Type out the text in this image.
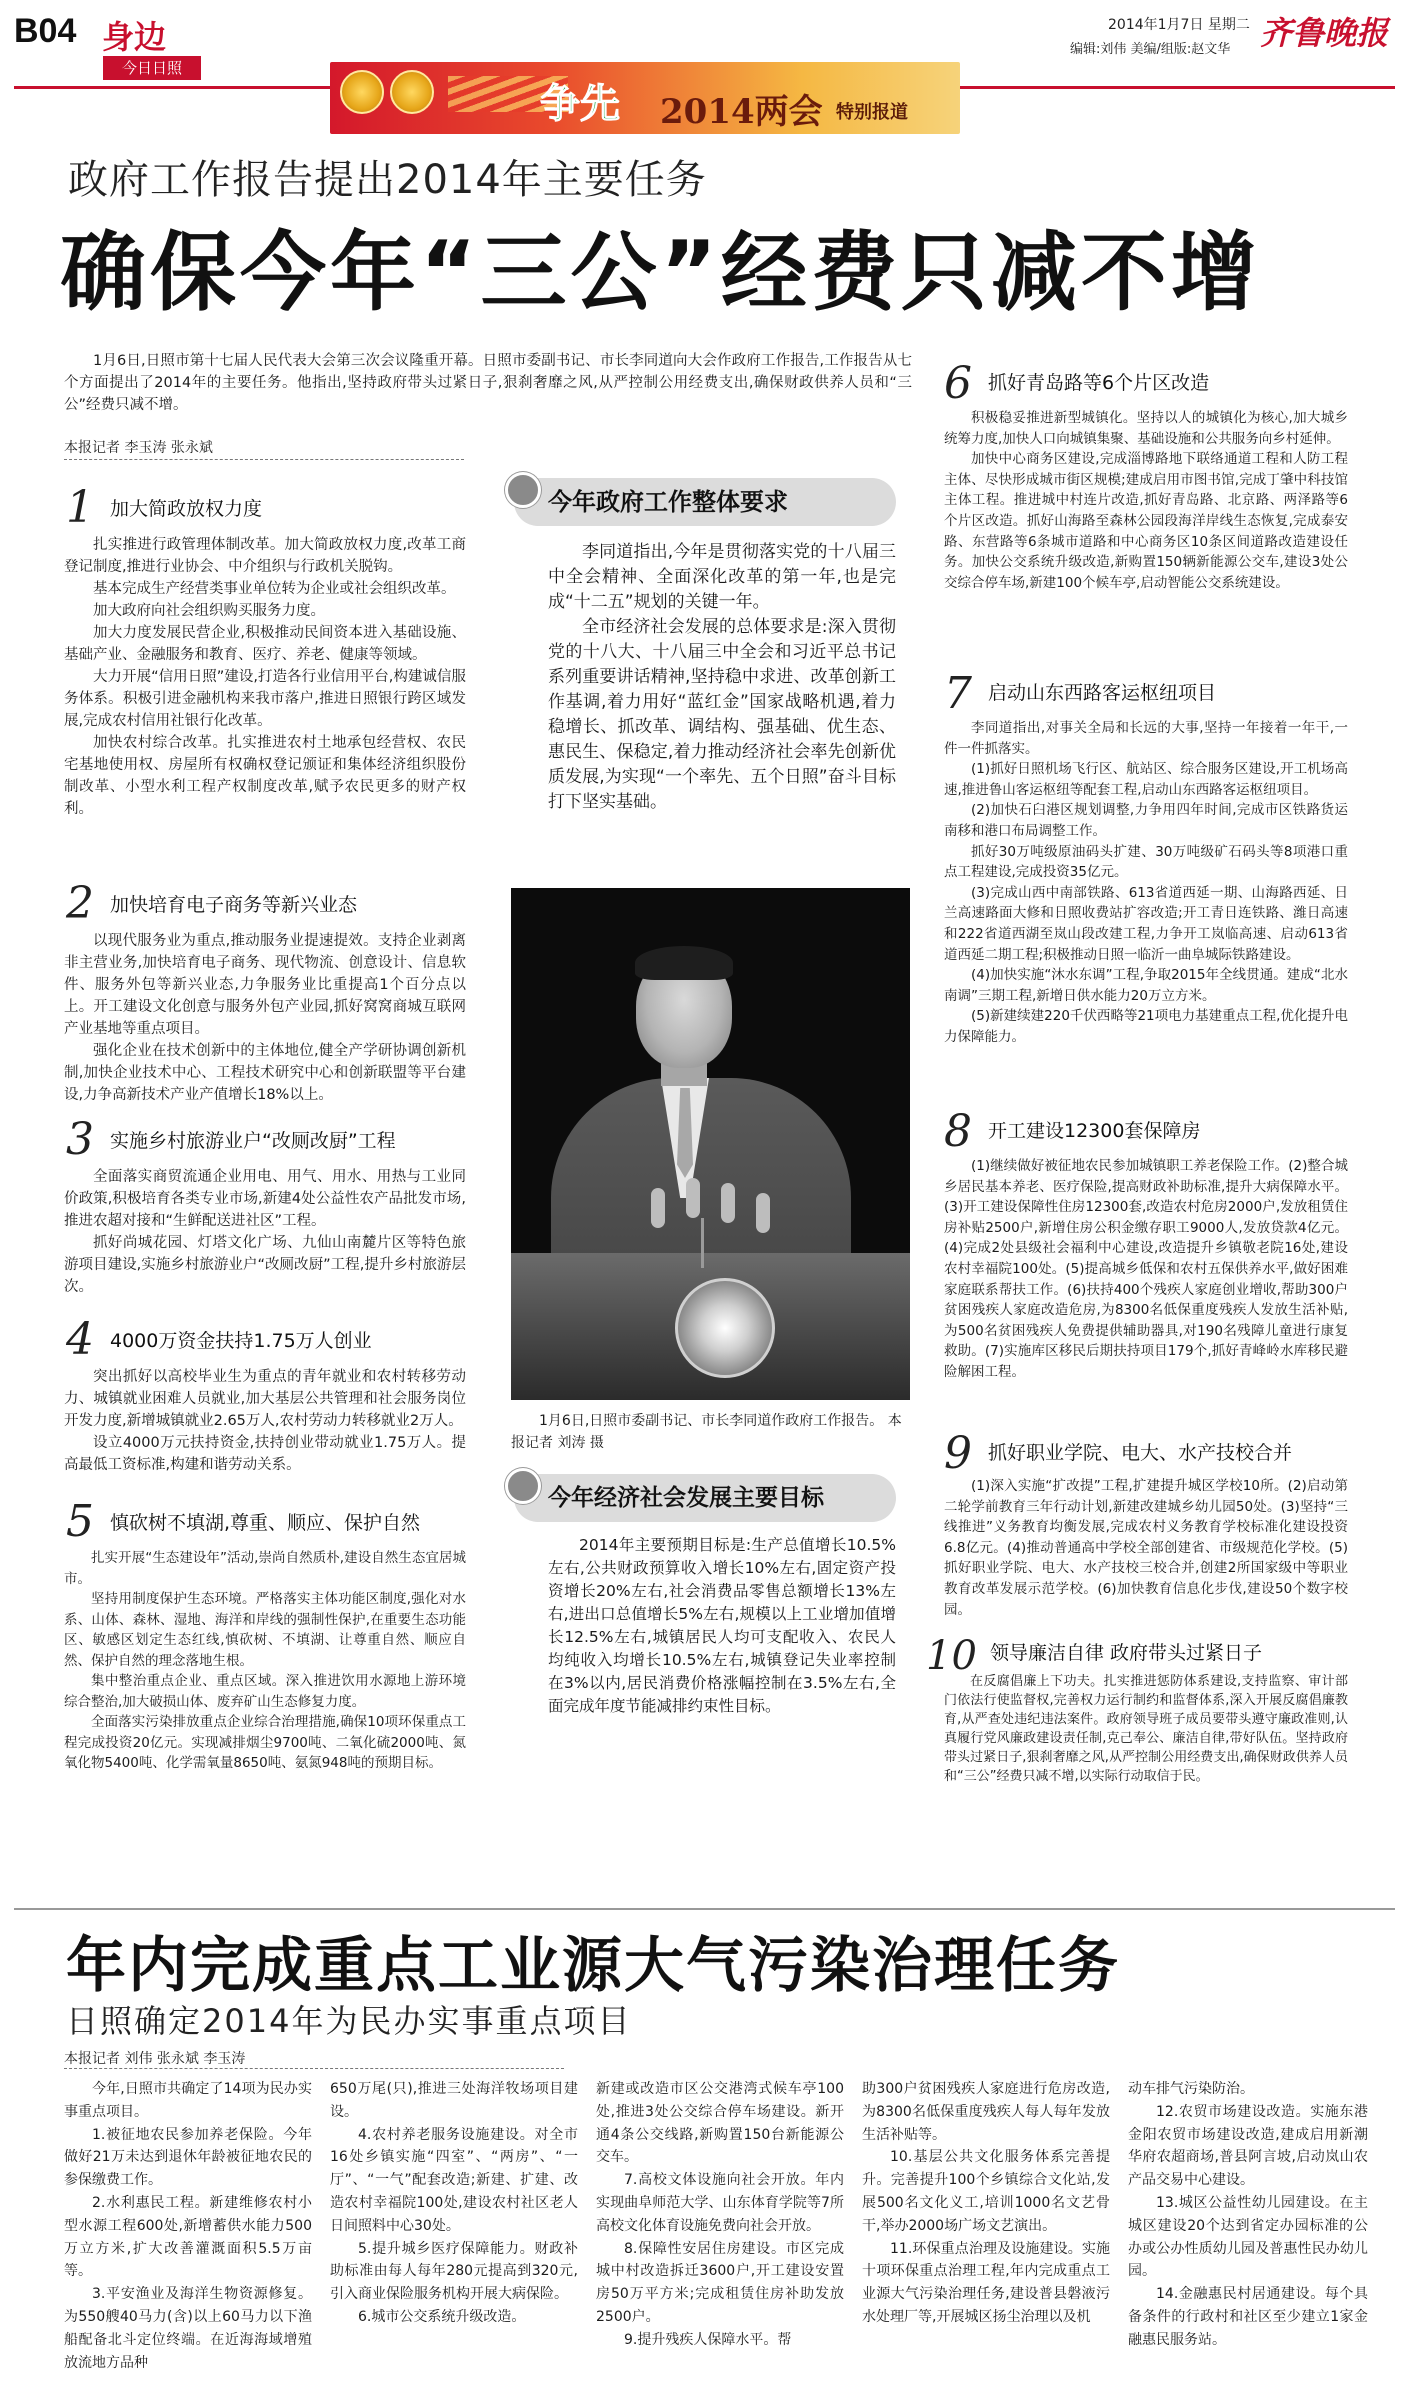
B04 身边
今日日照
2014年1月7日 星期二
编辑:刘伟 美编/组版:赵文华 齐鲁晚报
争先 2014两会 特别报道
政府工作报告提出2014年主要任务
确保今年“三公”经费只减不增

1月6日,日照市第十七届人民代表大会第三次会议隆重开幕。日照市委副书记、市长李同道向大会作政府工作报告,工作报告从七个方面提出了2014年的主要任务。他指出,坚持政府带头过紧日子,狠刹奢靡之风,从严控制公用经费支出,确保财政供养人员和“三公”经费只减不增。

本报记者 李玉涛 张永斌
1 加大简政放权力度

扎实推进行政管理体制改革。加大简政放权力度,改革工商登记制度,推进行业协会、中介组织与行政机关脱钩。

基本完成生产经营类事业单位转为企业或社会组织改革。

加大政府向社会组织购买服务力度。

加大力度发展民营企业,积极推动民间资本进入基础设施、基础产业、金融服务和教育、医疗、养老、健康等领域。

大力开展“信用日照”建设,打造各行业信用平台,构建诚信服务体系。积极引进金融机构来我市落户,推进日照银行跨区域发展,完成农村信用社银行化改革。

加快农村综合改革。扎实推进农村土地承包经营权、农民宅基地使用权、房屋所有权确权登记颁证和集体经济组织股份制改革、小型水利工程产权制度改革,赋予农民更多的财产权利。

2 加快培育电子商务等新兴业态

以现代服务业为重点,推动服务业提速提效。支持企业剥离非主营业务,加快培育电子商务、现代物流、创意设计、信息软件、服务外包等新兴业态,力争服务业比重提高1个百分点以上。开工建设文化创意与服务外包产业园,抓好窝窝商城互联网产业基地等重点项目。

强化企业在技术创新中的主体地位,健全产学研协调创新机制,加快企业技术中心、工程技术研究中心和创新联盟等平台建设,力争高新技术产业产值增长18%以上。

3 实施乡村旅游业户“改厕改厨”工程

全面落实商贸流通企业用电、用气、用水、用热与工业同价政策,积极培育各类专业市场,新建4处公益性农产品批发市场,推进农超对接和“生鲜配送进社区”工程。

抓好尚城花园、灯塔文化广场、九仙山南麓片区等特色旅游项目建设,实施乡村旅游业户“改厕改厨”工程,提升乡村旅游层次。

4 4000万资金扶持1.75万人创业

突出抓好以高校毕业生为重点的青年就业和农村转移劳动力、城镇就业困难人员就业,加大基层公共管理和社会服务岗位开发力度,新增城镇就业2.65万人,农村劳动力转移就业2万人。

设立4000万元扶持资金,扶持创业带动就业1.75万人。提高最低工资标准,构建和谐劳动关系。

5 慎砍树不填湖,尊重、顺应、保护自然

扎实开展“生态建设年”活动,崇尚自然质朴,建设自然生态宜居城市。

坚持用制度保护生态环境。严格落实主体功能区制度,强化对水系、山体、森林、湿地、海洋和岸线的强制性保护,在重要生态功能区、敏感区划定生态红线,慎砍树、不填湖、让尊重自然、顺应自然、保护自然的理念落地生根。

集中整治重点企业、重点区域。深入推进饮用水源地上游环境综合整治,加大破损山体、废弃矿山生态修复力度。

全面落实污染排放重点企业综合治理措施,确保10项环保重点工程完成投资20亿元。实现减排烟尘9700吨、二氧化硫2000吨、氮氧化物5400吨、化学需氧量8650吨、氨氮948吨的预期目标。

今年政府工作整体要求

李同道指出,今年是贯彻落实党的十八届三中全会精神、全面深化改革的第一年,也是完成“十二五”规划的关键一年。

全市经济社会发展的总体要求是:深入贯彻党的十八大、十八届三中全会和习近平总书记系列重要讲话精神,坚持稳中求进、改革创新工作基调,着力用好“蓝红金”国家战略机遇,着力稳增长、抓改革、调结构、强基础、优生态、惠民生、保稳定,着力推动经济社会率先创新优质发展,为实现“一个率先、五个日照”奋斗目标打下坚实基础。

1月6日,日照市委副书记、市长李同道作政府工作报告。 本报记者 刘涛 摄

今年经济社会发展主要目标

2014年主要预期目标是:生产总值增长10.5%左右,公共财政预算收入增长10%左右,固定资产投资增长20%左右,社会消费品零售总额增长13%左右,进出口总值增长5%左右,规模以上工业增加值增长12.5%左右,城镇居民人均可支配收入、农民人均纯收入均增长10.5%左右,城镇登记失业率控制在3%以内,居民消费价格涨幅控制在3.5%左右,全面完成年度节能减排约束性目标。

6 抓好青岛路等6个片区改造

积极稳妥推进新型城镇化。坚持以人的城镇化为核心,加大城乡统筹力度,加快人口向城镇集聚、基础设施和公共服务向乡村延伸。

加快中心商务区建设,完成淄博路地下联络通道工程和人防工程主体、尽快形成城市街区规模;建成启用市图书馆,完成丁肇中科技馆主体工程。推进城中村连片改造,抓好青岛路、北京路、两泽路等6个片区改造。抓好山海路至森林公园段海洋岸线生态恢复,完成泰安路、东营路等6条城市道路和中心商务区10条区间道路改造建设任务。加快公交系统升级改造,新购置150辆新能源公交车,建设3处公交综合停车场,新建100个候车亭,启动智能公交系统建设。

7 启动山东西路客运枢纽项目

李同道指出,对事关全局和长远的大事,坚持一年接着一年干,一件一件抓落实。

(1)抓好日照机场飞行区、航站区、综合服务区建设,开工机场高速,推进鲁山客运枢纽等配套工程,启动山东西路客运枢纽项目。

(2)加快石臼港区规划调整,力争用四年时间,完成市区铁路货运南移和港口布局调整工作。

抓好30万吨级原油码头扩建、30万吨级矿石码头等8项港口重点工程建设,完成投资35亿元。

(3)完成山西中南部铁路、613省道西延一期、山海路西延、日兰高速路面大修和日照收费站扩容改造;开工青日连铁路、潍日高速和222省道西湖至岚山段改建工程,力争开工岚临高速、启动613省道西延二期工程;积极推动日照一临沂一曲阜城际铁路建设。

(4)加快实施“沐水东调”工程,争取2015年全线贯通。建成“北水南调”三期工程,新增日供水能力20万立方米。

(5)新建续建220千伏西略等21项电力基建重点工程,优化提升电力保障能力。

8 开工建设12300套保障房

(1)继续做好被征地农民参加城镇职工养老保险工作。(2)整合城乡居民基本养老、医疗保险,提高财政补助标准,提升大病保障水平。(3)开工建设保障性住房12300套,改造农村危房2000户,发放租赁住房补贴2500户,新增住房公积金缴存职工9000人,发放贷款4亿元。(4)完成2处县级社会福利中心建设,改造提升乡镇敬老院16处,建设农村幸福院100处。(5)提高城乡低保和农村五保供养水平,做好困难家庭联系帮扶工作。(6)扶持400个残疾人家庭创业增收,帮助300户贫困残疾人家庭改造危房,为8300名低保重度残疾人发放生活补贴,为500名贫困残疾人免费提供辅助器具,对190名残障儿童进行康复救助。(7)实施库区移民后期扶持项目179个,抓好青峰岭水库移民避险解困工程。

9 抓好职业学院、电大、水产技校合并

(1)深入实施“扩改提”工程,扩建提升城区学校10所。(2)启动第二轮学前教育三年行动计划,新建改建城乡幼儿园50处。(3)坚持“三线推进”义务教育均衡发展,完成农村义务教育学校标准化建设投资6.8亿元。(4)推动普通高中学校全部创建省、市级规范化学校。(5)抓好职业学院、电大、水产技校三校合并,创建2所国家级中等职业教育改革发展示范学校。(6)加快教育信息化步伐,建设50个数字校园。

10 领导廉洁自律 政府带头过紧日子

在反腐倡廉上下功夫。扎实推进惩防体系建设,支持监察、审计部门依法行使监督权,完善权力运行制约和监督体系,深入开展反腐倡廉教育,从严查处违纪违法案件。政府领导班子成员要带头遵守廉政准则,认真履行党风廉政建设责任制,克己奉公、廉洁自律,带好队伍。坚持政府带头过紧日子,狠刹奢靡之风,从严控制公用经费支出,确保财政供养人员和“三公”经费只减不增,以实际行动取信于民。

年内完成重点工业源大气污染治理任务
日照确定2014年为民办实事重点项目
本报记者 刘伟 张永斌 李玉涛

今年,日照市共确定了14项为民办实事重点项目。

1.被征地农民参加养老保险。今年做好21万未达到退休年龄被征地农民的参保缴费工作。

2.水利惠民工程。新建维修农村小型水源工程600处,新增蓄供水能力500万立方米,扩大改善灌溉面积5.5万亩等。

3.平安渔业及海洋生物资源修复。为550艘40马力(含)以上60马力以下渔船配备北斗定位终端。在近海海域增殖放流地方品种

650万尾(只),推进三处海洋牧场项目建设。

4.农村养老服务设施建设。对全市16处乡镇实施“四室”、“两房”、“一厅”、“一气”配套改造;新建、扩建、改造农村幸福院100处,建设农村社区老人日间照料中心30处。

5.提升城乡医疗保障能力。财政补助标准由每人每年280元提高到320元,引入商业保险服务机构开展大病保险。

6.城市公交系统升级改造。

新建或改造市区公交港湾式候车亭100处,推进3处公交综合停车场建设。新开通4条公交线路,新购置150台新能源公交车。

7.高校文体设施向社会开放。年内实现曲阜师范大学、山东体育学院等7所高校文化体育设施免费向社会开放。

8.保障性安居住房建设。市区完成城中村改造拆迁3600户,开工建设安置房50万平方米;完成租赁住房补助发放2500户。

9.提升残疾人保障水平。帮

助300户贫困残疾人家庭进行危房改造,为8300名低保重度残疾人每人每年发放生活补贴等。

10.基层公共文化服务体系完善提升。完善提升100个乡镇综合文化站,发展500名文化义工,培训1000名文艺骨干,举办2000场广场文艺演出。

11.环保重点治理及设施建设。实施十项环保重点治理工程,年内完成重点工业源大气污染治理任务,建设普县磐液污水处理厂等,开展城区扬尘治理以及机

动车排气污染防治。

12.农贸市场建设改造。实施东港金阳农贸市场建设改造,建成启用新潮华府农超商场,普县阿言坡,启动岚山农产品交易中心建设。

13.城区公益性幼儿园建设。在主城区建设20个达到省定办园标准的公办或公办性质幼儿园及普惠性民办幼儿园。

14.金融惠民村居通建设。每个具备条件的行政村和社区至少建立1家金融惠民服务站。
